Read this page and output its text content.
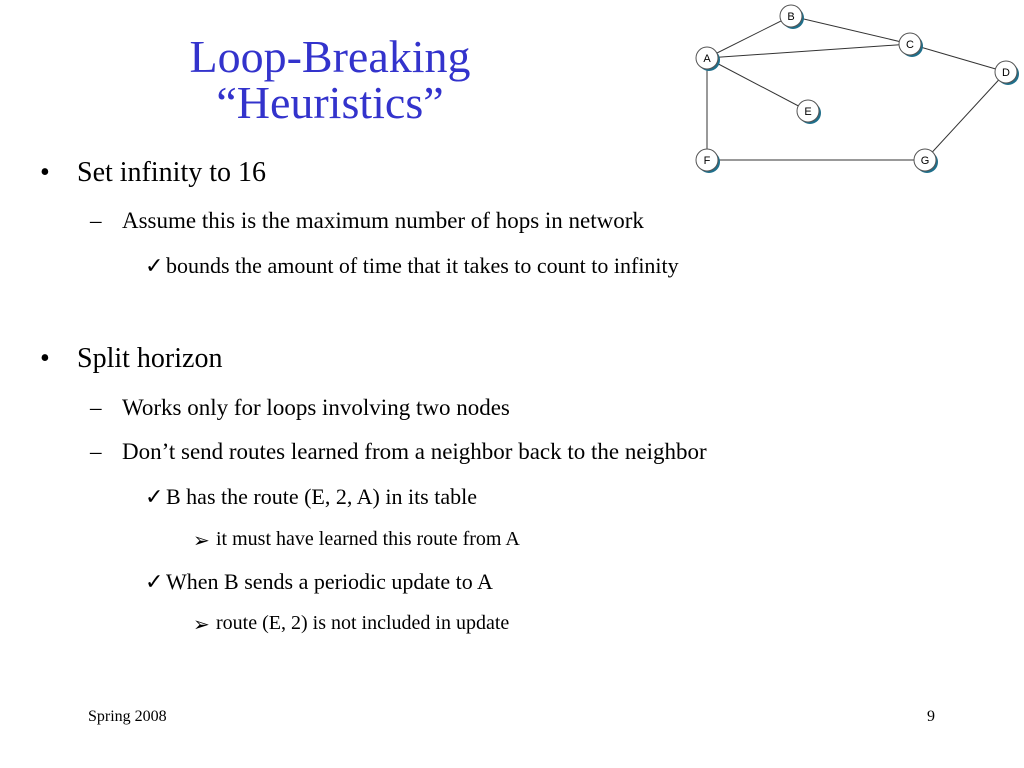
Loop-Breaking
“Heuristics”
A
B
C
D
E
F	G
• Set infinity to 16
– Assume this is the maximum number of hops in network
✓ bounds the amount of time that it takes to count to infinity
• Split horizon
– Works only for loops involving two nodes
– Don’t send routes learned from a neighbor back to the neighbor
✓ B has the route (E, 2, A) in its table
➢ it must have learned this route from A
✓ When B sends a periodic update to A
➢ route (E, 2) is not included in update
Spring 2008	9
